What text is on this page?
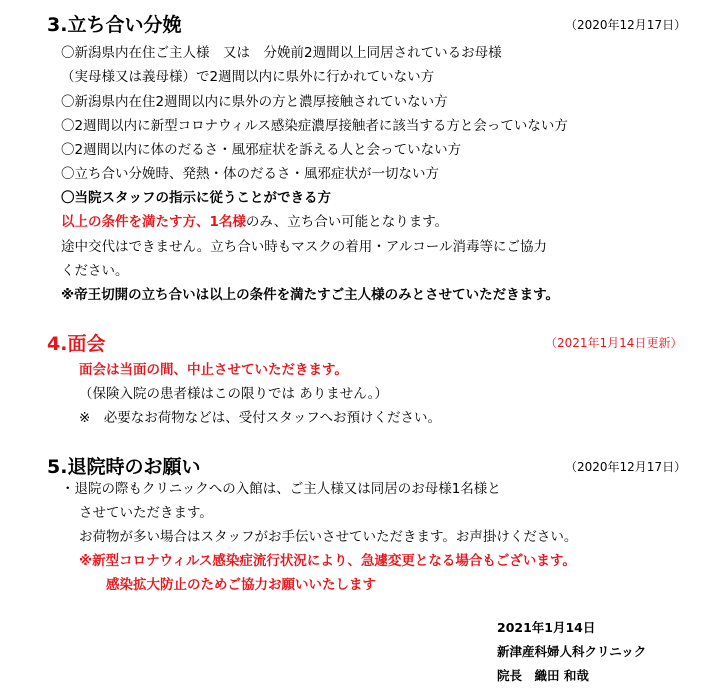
3.立ち合い分娩	（2020年12月17日）
〇新潟県内在住ご主人様　又は　分娩前2週間以上同居されているお母様
（実母様又は義母様）で2週間以内に県外に行かれていない方
〇新潟県内在住2週間以内に県外の方と濃厚接触されていない方
〇2週間以内に新型コロナウィルス感染症濃厚接触者に該当する方と会っていない方
〇2週間以内に体のだるさ・風邪症状を訴える人と会っていない方
〇立ち合い分娩時、発熱・体のだるさ・風邪症状が一切ない方
〇当院スタッフの指示に従うことができる方
以上の条件を満たす方、1名様のみ、立ち合い可能となります。
途中交代はできません。立ち合い時もマスクの着用・アルコール消毒等にご協力
ください。
※帝王切開の立ち合いは以上の条件を満たすご主人様のみとさせていただきます。
4.面会	（2021年1月14日更新）
面会は当面の間、中止させていただきます。
（保険入院の患者様はこの限りでは ありません。）
※　必要なお荷物などは、受付スタッフへお預けください。
5.退院時のお願い	（2020年12月17日）
・退院の際もクリニックへの入館は、ご主人様又は同居のお母様1名様と
させていただきます。
お荷物が多い場合はスタッフがお手伝いさせていただきます。お声掛けください。
※新型コロナウィルス感染症流行状況により、急遽変更となる場合もございます。
感染拡大防止のためご協力お願いいたします
2021年1月14日
新津産科婦人科クリニック
院長　織田 和哉
